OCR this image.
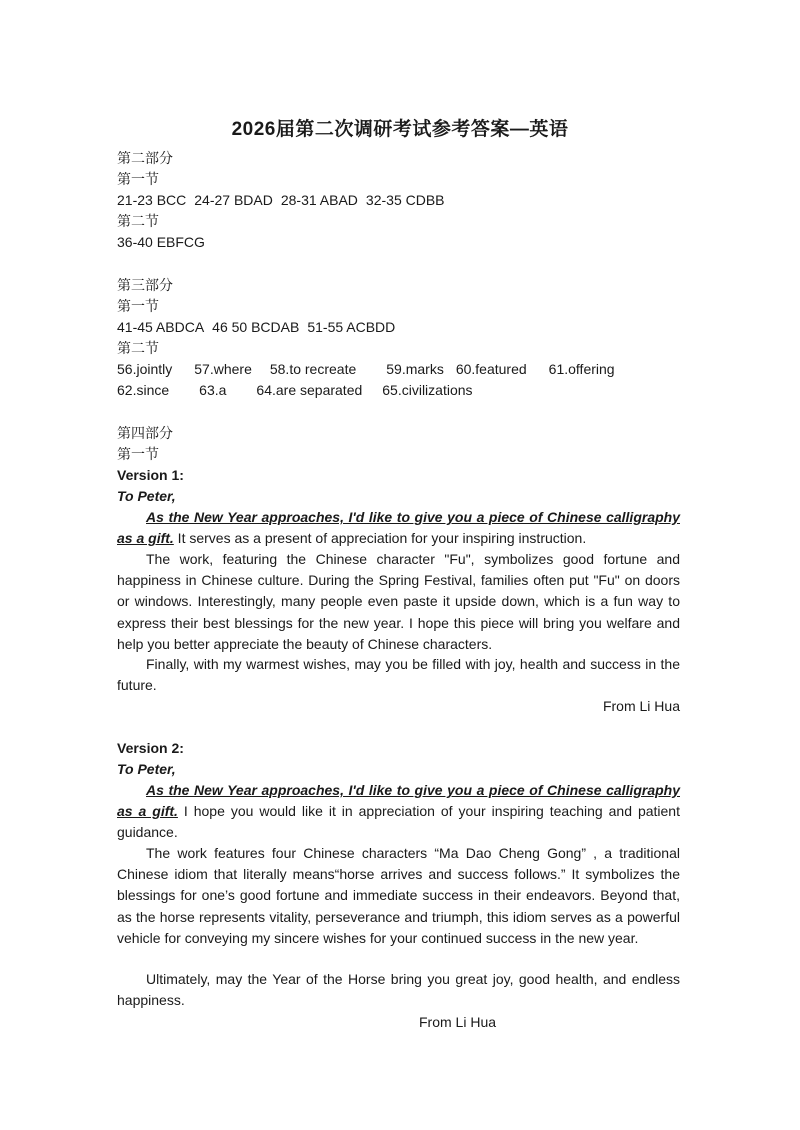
2026届第二次调研考试参考答案—英语
第二部分
第一节
21-23 BCC 24-27 BDAD 28-31 ABAD 32-35 CDBB
第二节
36-40 EBFCG
第三部分
第一节
41-45 ABDCA 46 50 BCDAB 51-55 ACBDD
第二节
56.jointly 57.where 58.to recreate 59.marks 60.featured 61.offering
62.since 63.a 64.are separated 65.civilizations
第四部分
第一节
Version 1:
To Peter,
As the New Year approaches, I'd like to give you a piece of Chinese calligraphy as a gift. It serves as a present of appreciation for your inspiring instruction.
The work, featuring the Chinese character "Fu", symbolizes good fortune and happiness in Chinese culture. During the Spring Festival, families often put "Fu" on doors or windows. Interestingly, many people even paste it upside down, which is a fun way to express their best blessings for the new year. I hope this piece will bring you welfare and help you better appreciate the beauty of Chinese characters.
Finally, with my warmest wishes, may you be filled with joy, health and success in the future.
From Li Hua
Version 2:
To Peter,
As the New Year approaches, I'd like to give you a piece of Chinese calligraphy as a gift. I hope you would like it in appreciation of your inspiring teaching and patient guidance.
The work features four Chinese characters “Ma Dao Cheng Gong” , a traditional Chinese idiom that literally means“horse arrives and success follows.” It symbolizes the blessings for one’s good fortune and immediate success in their endeavors. Beyond that, as the horse represents vitality, perseverance and triumph, this idiom serves as a powerful vehicle for conveying my sincere wishes for your continued success in the new year.
Ultimately, may the Year of the Horse bring you great joy, good health, and endless happiness.
From Li Hua
